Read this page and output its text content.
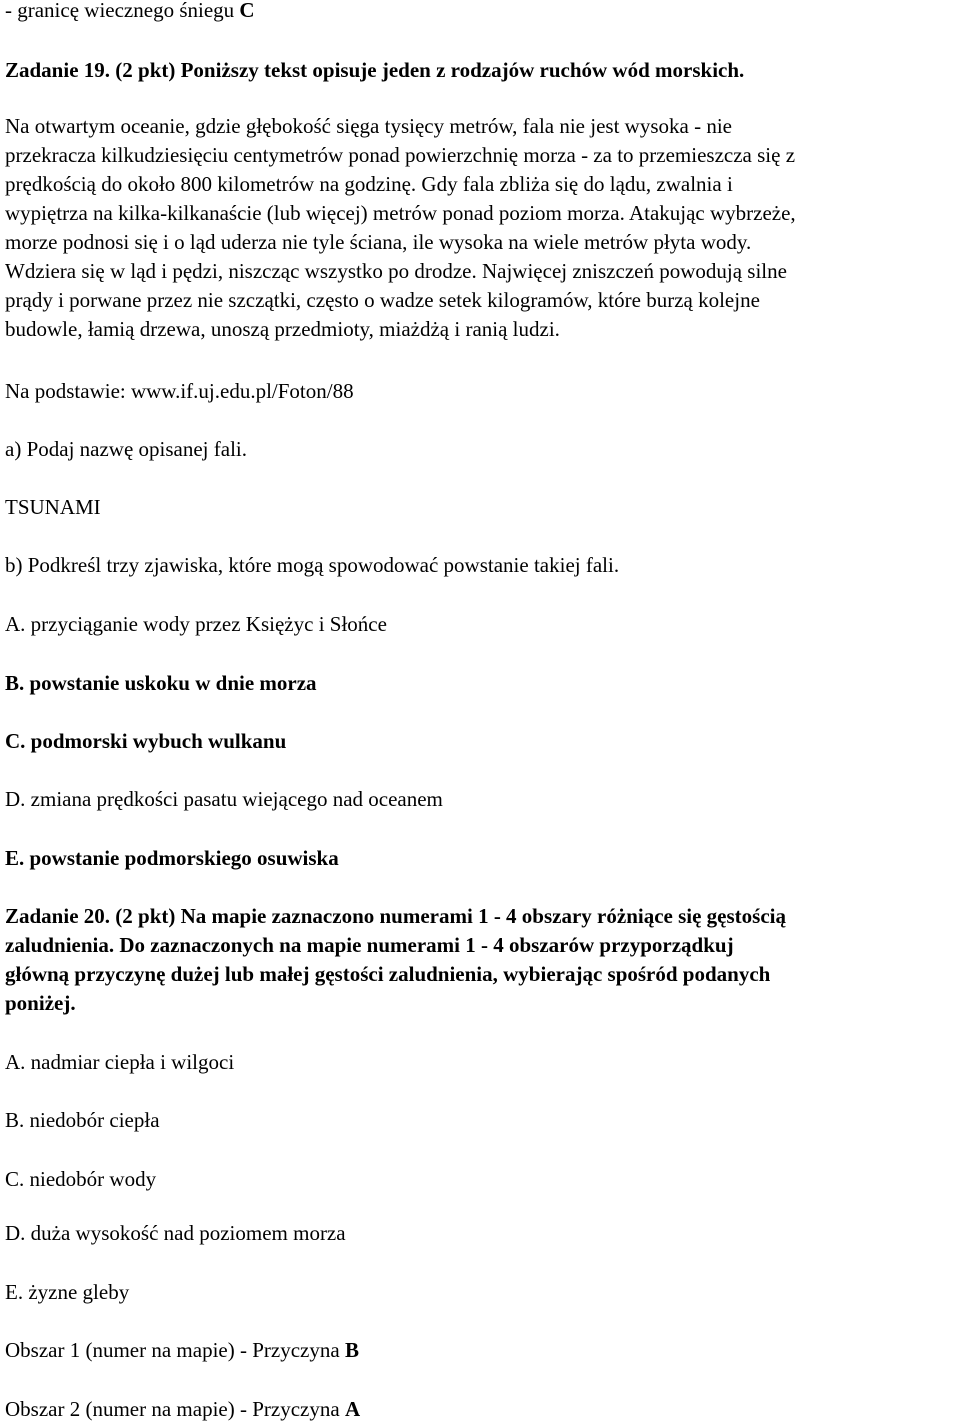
- granicę wiecznego śniegu C
Zadanie 19. (2 pkt) Poniższy tekst opisuje jeden z rodzajów ruchów wód morskich.
Na otwartym oceanie, gdzie głębokość sięga tysięcy metrów, fala nie jest wysoka - nie
przekracza kilkudziesięciu centymetrów ponad powierzchnię morza - za to przemieszcza się z
prędkością do około 800 kilometrów na godzinę. Gdy fala zbliża się do lądu, zwalnia i
wypiętrza na kilka-kilkanaście (lub więcej) metrów ponad poziom morza. Atakując wybrzeże,
morze podnosi się i o ląd uderza nie tyle ściana, ile wysoka na wiele metrów płyta wody.
Wdziera się w ląd i pędzi, niszcząc wszystko po drodze. Najwięcej zniszczeń powodują silne
prądy i porwane przez nie szczątki, często o wadze setek kilogramów, które burzą kolejne
budowle, łamią drzewa, unoszą przedmioty, miażdżą i ranią ludzi.
Na podstawie: www.if.uj.edu.pl/Foton/88
a) Podaj nazwę opisanej fali.
TSUNAMI
b) Podkreśl trzy zjawiska, które mogą spowodować powstanie takiej fali.
A. przyciąganie wody przez Księżyc i Słońce
B. powstanie uskoku w dnie morza
C. podmorski wybuch wulkanu
D. zmiana prędkości pasatu wiejącego nad oceanem
E. powstanie podmorskiego osuwiska
Zadanie 20. (2 pkt) Na mapie zaznaczono numerami 1 - 4 obszary różniące się gęstością
zaludnienia. Do zaznaczonych na mapie numerami 1 - 4 obszarów przyporządkuj
główną przyczynę dużej lub małej gęstości zaludnienia, wybierając spośród podanych
poniżej.
A. nadmiar ciepła i wilgoci
B. niedobór ciepła
C. niedobór wody
D. duża wysokość nad poziomem morza
E. żyzne gleby
Obszar 1 (numer na mapie) - Przyczyna B
Obszar 2 (numer na mapie) - Przyczyna A
